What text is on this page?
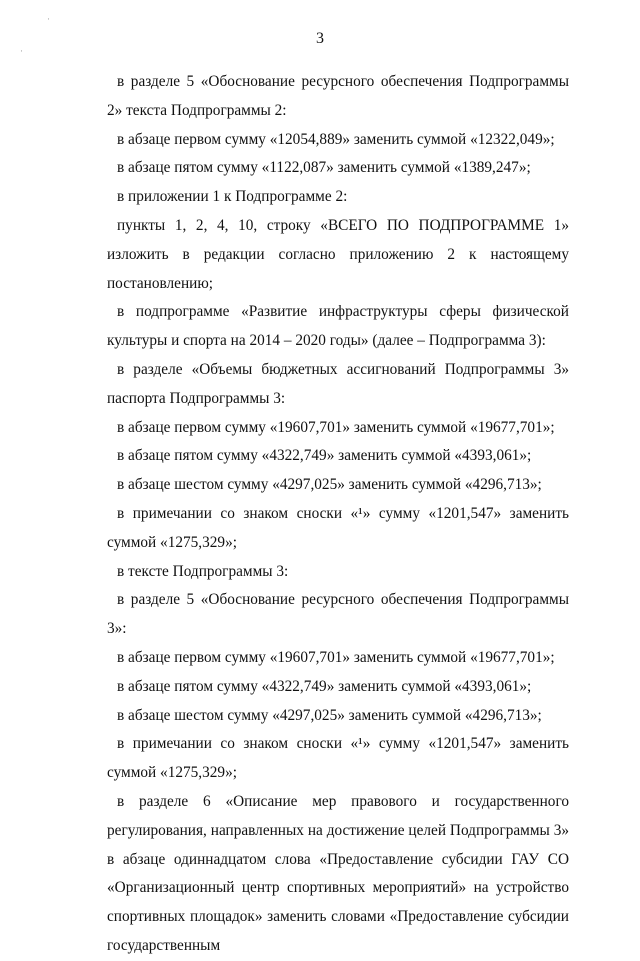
·
·
3

в разделе 5 «Обоснование ресурсного обеспечения Подпрограммы 2» текста Подпрограммы 2:

в абзаце первом сумму «12054,889» заменить суммой «12322,049»;

в абзаце пятом сумму «1122,087» заменить суммой «1389,247»;

в приложении 1 к Подпрограмме 2:

пункты 1, 2, 4, 10, строку «ВСЕГО ПО ПОДПРОГРАММЕ 1» изложить в редакции согласно приложению 2 к настоящему постановлению;

в подпрограмме «Развитие инфраструктуры сферы физической культуры и спорта на 2014 – 2020 годы» (далее – Подпрограмма 3):

в разделе «Объемы бюджетных ассигнований Подпрограммы 3» паспорта Подпрограммы 3:

в абзаце первом сумму «19607,701» заменить суммой «19677,701»;

в абзаце пятом сумму «4322,749» заменить суммой «4393,061»;

в абзаце шестом сумму «4297,025» заменить суммой «4296,713»;

в примечании со знаком сноски «¹» сумму «1201,547» заменить суммой «1275,329»;

в тексте Подпрограммы 3:

в разделе 5 «Обоснование ресурсного обеспечения Подпрограммы 3»:

в абзаце первом сумму «19607,701» заменить суммой «19677,701»;

в абзаце пятом сумму «4322,749» заменить суммой «4393,061»;

в абзаце шестом сумму «4297,025» заменить суммой «4296,713»;

в примечании со знаком сноски «¹» сумму «1201,547» заменить суммой «1275,329»;

в разделе 6 «Описание мер правового и государственного регулирования, направленных на достижение целей Подпрограммы 3» в абзаце одиннадцатом слова «Предоставление субсидии ГАУ СО «Организационный центр спортивных мероприятий» на устройство спортивных площадок» заменить словами «Предоставление субсидии государственным
